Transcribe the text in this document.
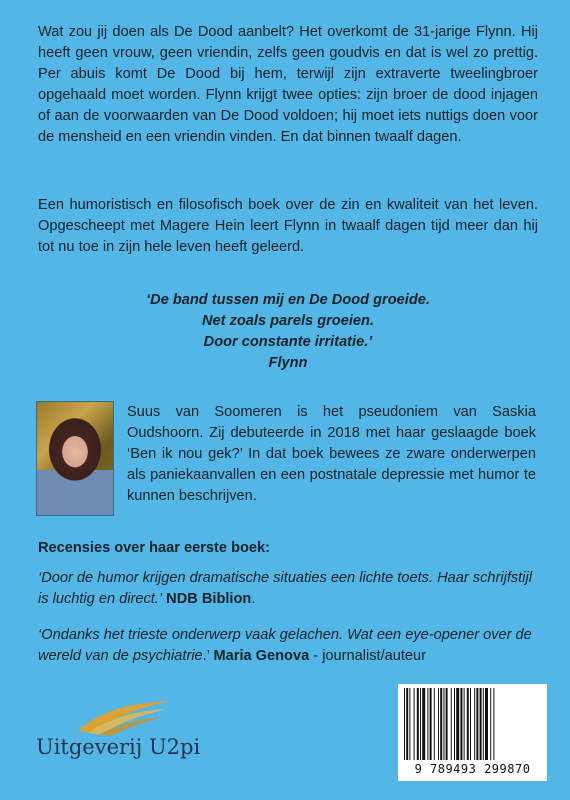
Wat zou jij doen als De Dood aanbelt? Het overkomt de 31-jarige Flynn. Hij heeft geen vrouw, geen vriendin, zelfs geen goudvis en dat is wel zo prettig. Per abuis komt De Dood bij hem, terwijl zijn extraverte tweelingbroer opgehaald moet worden. Flynn krijgt twee opties: zijn broer de dood injagen of aan de voorwaarden van De Dood voldoen; hij moet iets nuttigs doen voor de mensheid en een vriendin vinden. En dat binnen twaalf dagen.

Een humoristisch en filosofisch boek over de zin en kwaliteit van het leven. Opgescheept met Magere Hein leert Flynn in twaalf dagen tijd meer dan hij tot nu toe in zijn hele leven heeft geleerd.

‘De band tussen mij en De Dood groeide.
Net zoals parels groeien.
Door constante irritatie.’
Flynn

Suus van Soomeren is het pseudoniem van Saskia Oudshoorn. Zij debuteerde in 2018 met haar geslaagde boek ‘Ben ik nou gek?’ In dat boek bewees ze zware onderwerpen als paniekaanvallen en een postnatale depressie met humor te kunnen beschrijven.

Recensies over haar eerste boek:

‘Door de humor krijgen dramatische situaties een lichte toets. Haar schrijfstijl is luchtig en direct.’ NDB Biblion.

‘Ondanks het trieste onderwerp vaak gelachen. Wat een eye-opener over de wereld van de psychiatrie.’ Maria Genova - journalist/auteur

Uitgeverij U2pi
9 789493 299870
